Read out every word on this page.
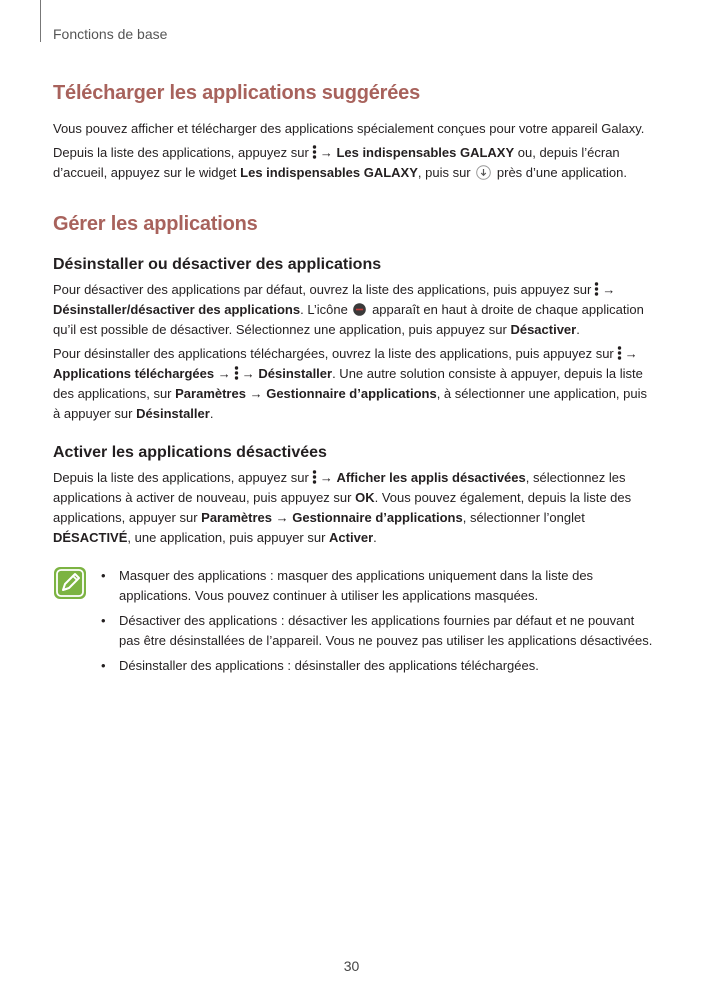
Fonctions de base
Télécharger les applications suggérées

Vous pouvez afficher et télécharger des applications spécialement conçues pour votre appareil Galaxy.

Depuis la liste des applications, appuyez sur → Les indispensables GALAXY ou, depuis l’écran d’accueil, appuyez sur le widget Les indispensables GALAXY, puis sur près d’une application.

Gérer les applications
Désinstaller ou désactiver des applications

Pour désactiver des applications par défaut, ouvrez la liste des applications, puis appuyez sur → Désinstaller/désactiver des applications. L’icône apparaît en haut à droite de chaque application qu’il est possible de désactiver. Sélectionnez une application, puis appuyez sur Désactiver.

Pour désinstaller des applications téléchargées, ouvrez la liste des applications, puis appuyez sur → Applications téléchargées → → Désinstaller. Une autre solution consiste à appuyer, depuis la liste des applications, sur Paramètres → Gestionnaire d’applications, à sélectionner une application, puis à appuyer sur Désinstaller.

Activer les applications désactivées

Depuis la liste des applications, appuyez sur → Afficher les applis désactivées, sélectionnez les applications à activer de nouveau, puis appuyez sur OK. Vous pouvez également, depuis la liste des applications, appuyer sur Paramètres → Gestionnaire d’applications, sélectionner l’onglet DÉSACTIVÉ, une application, puis appuyer sur Activer.

• Masquer des applications : masquer des applications uniquement dans la liste des applications. Vous pouvez continuer à utiliser les applications masquées.
• Désactiver des applications : désactiver les applications fournies par défaut et ne pouvant pas être désinstallées de l’appareil. Vous ne pouvez pas utiliser les applications désactivées.
• Désinstaller des applications : désinstaller des applications téléchargées.
30
